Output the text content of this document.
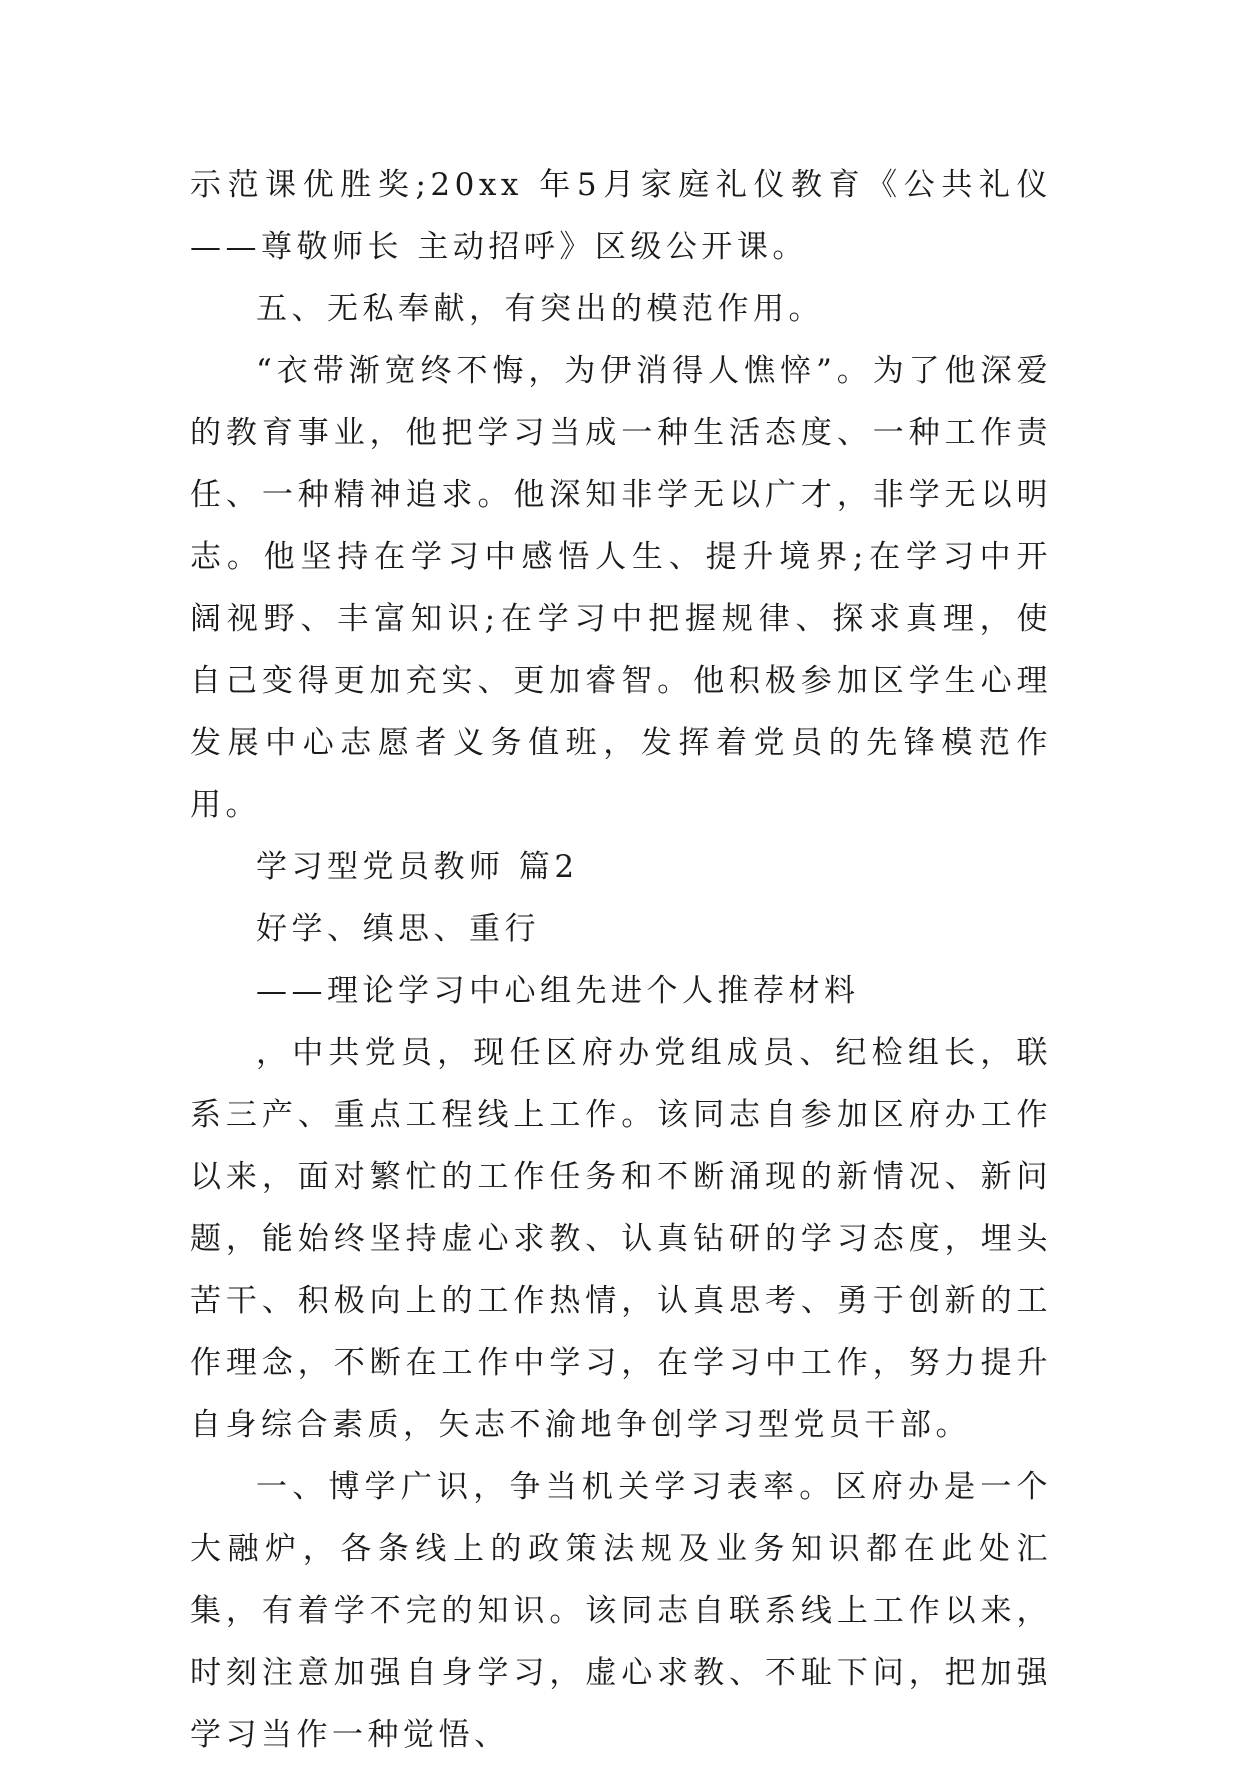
示范课优胜奖;20xx 年5月家庭礼仪教育《公共礼仪——尊敬师长 主动招呼》区级公开课。

五、无私奉献，有突出的模范作用。

“衣带渐宽终不悔，为伊消得人憔悴”。为了他深爱的教育事业，他把学习当成一种生活态度、一种工作责任、一种精神追求。他深知非学无以广才，非学无以明志。他坚持在学习中感悟人生、提升境界;在学习中开阔视野、丰富知识;在学习中把握规律、探求真理，使自己变得更加充实、更加睿智。他积极参加区学生心理发展中心志愿者义务值班，发挥着党员的先锋模范作用。

学习型党员教师 篇2

好学、缜思、重行

——理论学习中心组先进个人推荐材料

，中共党员，现任区府办党组成员、纪检组长，联系三产、重点工程线上工作。该同志自参加区府办工作以来，面对繁忙的工作任务和不断涌现的新情况、新问题，能始终坚持虚心求教、认真钻研的学习态度，埋头苦干、积极向上的工作热情，认真思考、勇于创新的工作理念，不断在工作中学习，在学习中工作，努力提升自身综合素质，矢志不渝地争创学习型党员干部。

一、博学广识，争当机关学习表率。区府办是一个大融炉，各条线上的政策法规及业务知识都在此处汇集，有着学不完的知识。该同志自联系线上工作以来，时刻注意加强自身学习，虚心求教、不耻下问，把加强学习当作一种觉悟、
